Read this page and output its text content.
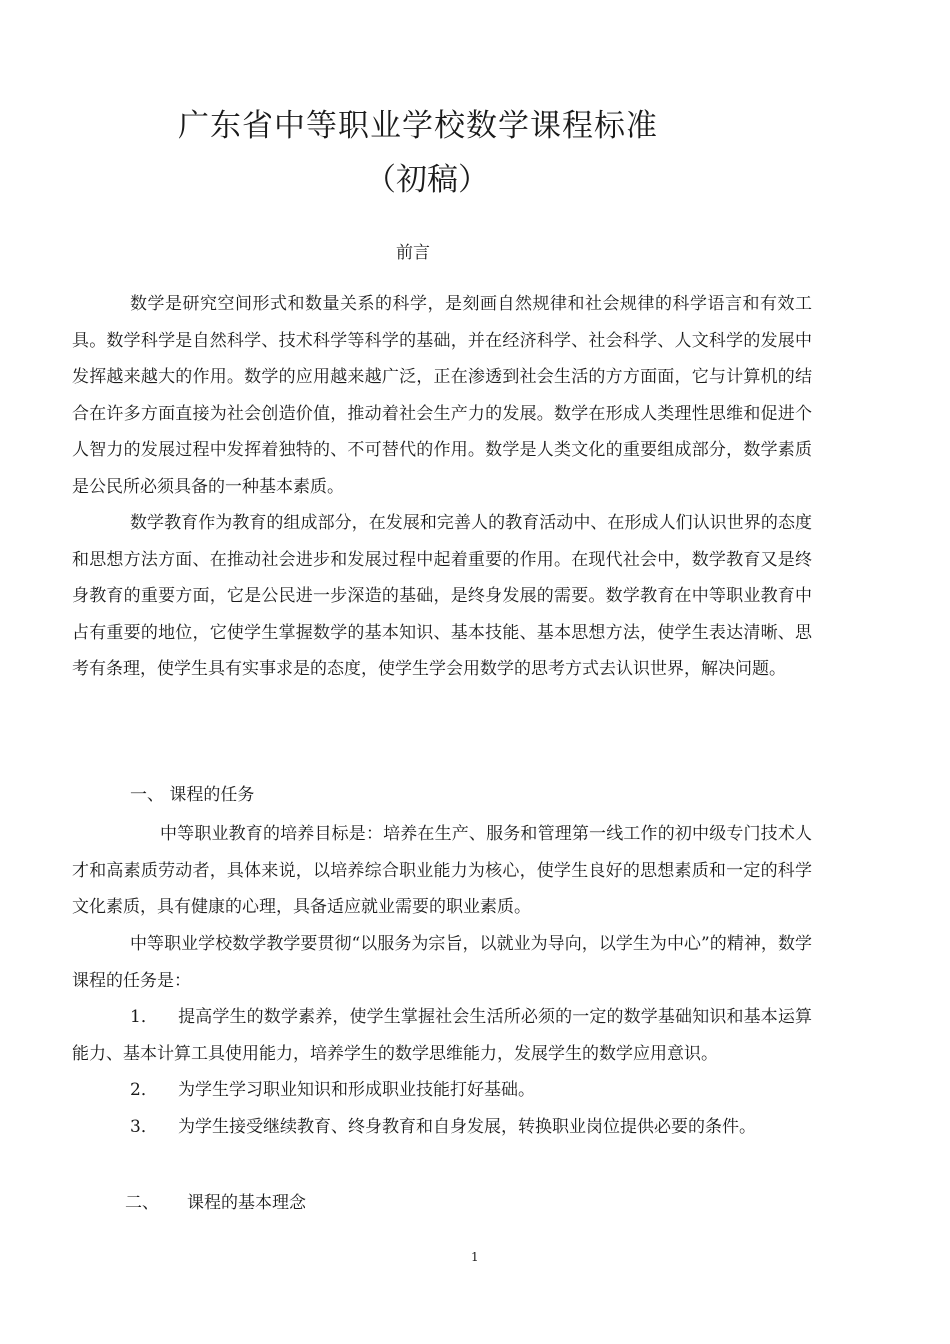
广东省中等职业学校数学课程标准
（初稿）
前言

数学是研究空间形式和数量关系的科学，是刻画自然规律和社会规律的科学语言和有效工具。数学科学是自然科学、技术科学等科学的基础，并在经济科学、社会科学、人文科学的发展中发挥越来越大的作用。数学的应用越来越广泛，正在渗透到社会生活的方方面面，它与计算机的结合在许多方面直接为社会创造价值，推动着社会生产力的发展。数学在形成人类理性思维和促进个人智力的发展过程中发挥着独特的、不可替代的作用。数学是人类文化的重要组成部分，数学素质是公民所必须具备的一种基本素质。

数学教育作为教育的组成部分，在发展和完善人的教育活动中、在形成人们认识世界的态度和思想方法方面、在推动社会进步和发展过程中起着重要的作用。在现代社会中，数学教育又是终身教育的重要方面，它是公民进一步深造的基础，是终身发展的需要。数学教育在中等职业教育中占有重要的地位，它使学生掌握数学的基本知识、基本技能、基本思想方法，使学生表达清晰、思考有条理，使学生具有实事求是的态度，使学生学会用数学的思考方式去认识世界，解决问题。

一、 课程的任务

中等职业教育的培养目标是：培养在生产、服务和管理第一线工作的初中级专门技术人才和高素质劳动者，具体来说，以培养综合职业能力为核心，使学生良好的思想素质和一定的科学文化素质，具有健康的心理，具备适应就业需要的职业素质。

中等职业学校数学教学要贯彻“以服务为宗旨，以就业为导向，以学生为中心”的精神，数学课程的任务是：

1． 提高学生的数学素养，使学生掌握社会生活所必须的一定的数学基础知识和基本运算能力、基本计算工具使用能力，培养学生的数学思维能力，发展学生的数学应用意识。

2． 为学生学习职业知识和形成职业技能打好基础。

3． 为学生接受继续教育、终身教育和自身发展，转换职业岗位提供必要的条件。

二、 课程的基本理念
1
